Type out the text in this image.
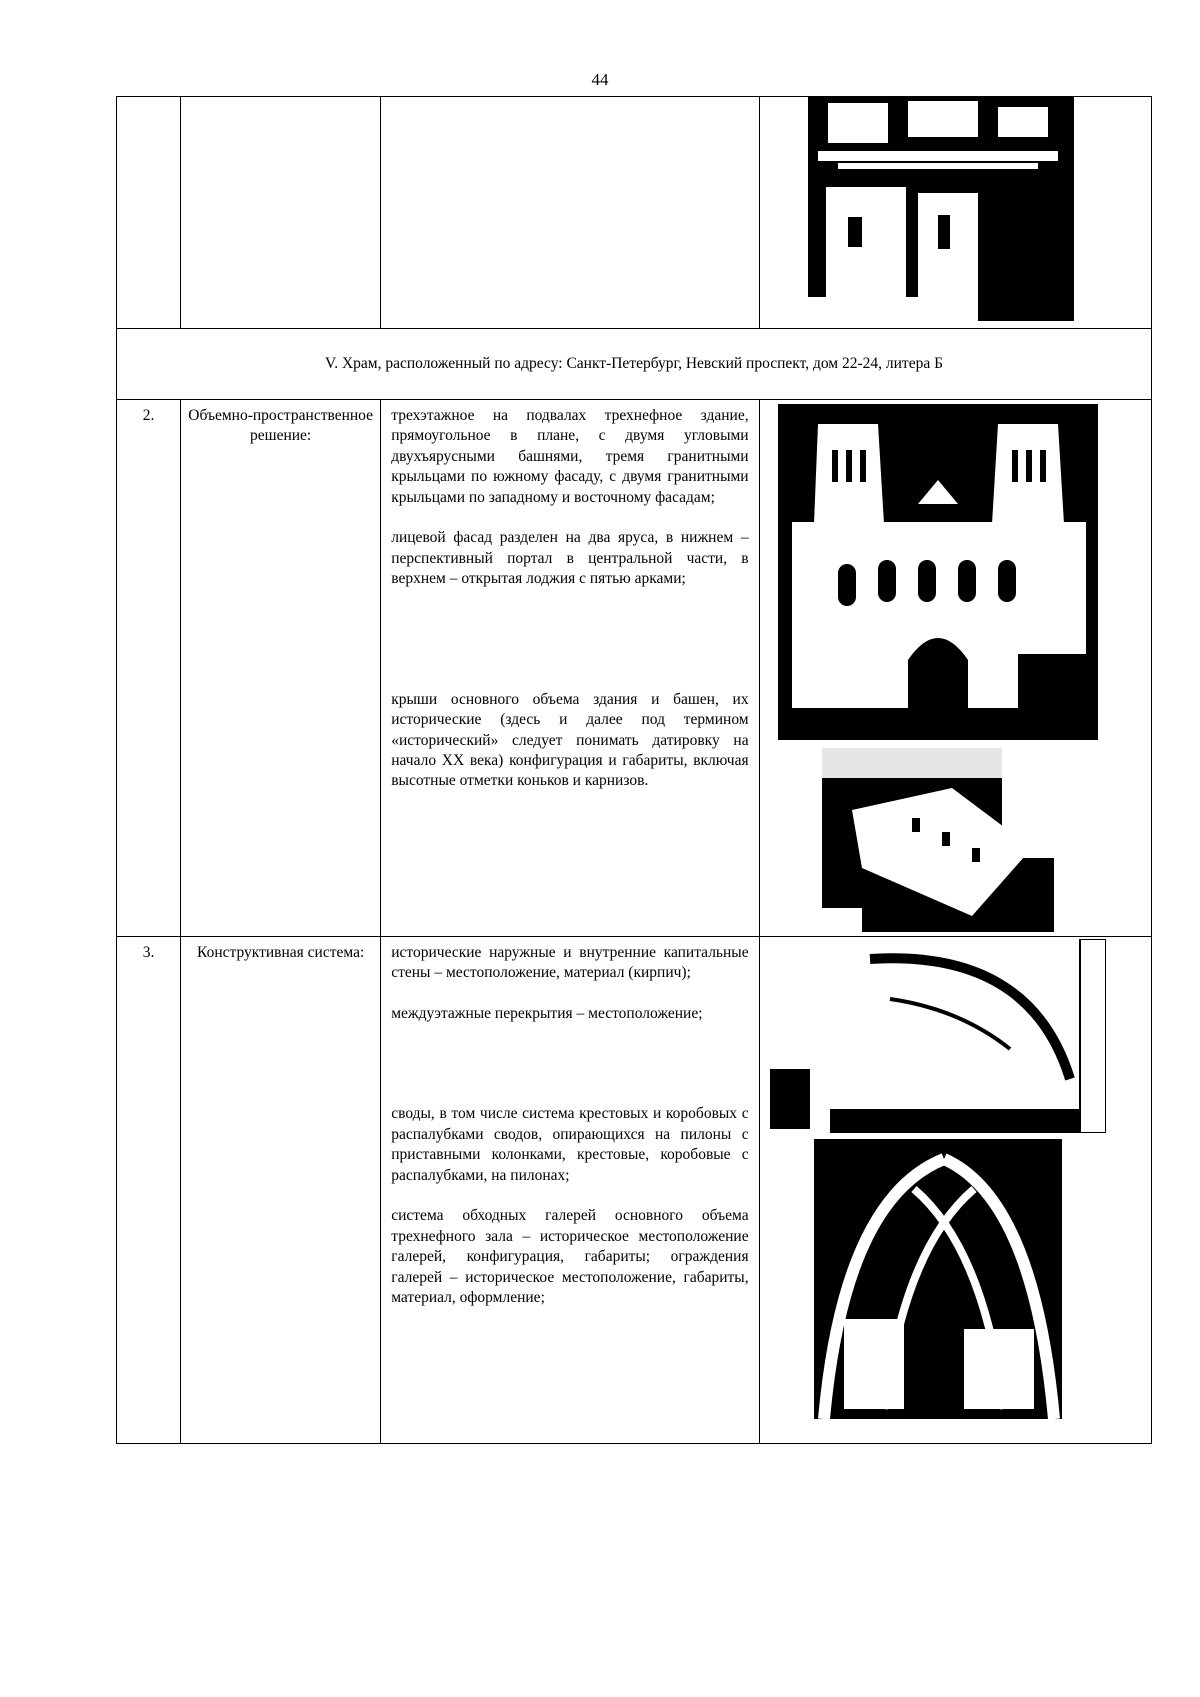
44

V. Храм, расположенный по адресу: Санкт-Петербург, Невский проспект, дом 22-24, литера Б			
2.	Объемно-пространственное решение:	трехэтажное на подвалах трехнефное здание, прямоугольное в плане, с двумя угловыми двухъярусными башнями, тремя гранитными крыльцами по южному фасаду, с двумя гранитными крыльцами по западному и восточному фасадам;

лицевой фасад разделен на два яруса, в нижнем – перспективный портал в центральной части, в верхнем – открытая лоджия с пятью арками;

крыши основного объема здания и башен, их исторические (здесь и далее под термином «исторический» следует понимать датировку на начало XX века) конфигурация и габариты, включая высотные отметки коньков и карнизов.

3.	Конструктивная система:	исторические наружные и внутренние капитальные стены – местоположение, материал (кирпич);

междуэтажные перекрытия – местоположение;

своды, в том числе система крестовых и коробовых с распалубками сводов, опирающихся на пилоны с приставными колонками, крестовые, коробовые с распалубками, на пилонах;

система обходных галерей основного объема трехнефного зала – историческое местоположение галерей, конфигурация, габариты; ограждения галерей – историческое местоположение, габариты, материал, оформление;
